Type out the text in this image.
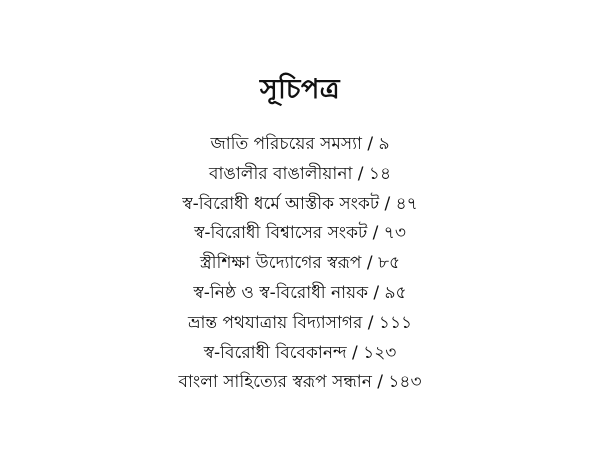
সূচিপত্র
জাতি পরিচয়ের সমস্যা / ৯
বাঙালীর বাঙালীয়ানা / ১৪
স্ব-বিরোধী ধর্মে আস্তীক সংকট / ৪৭
স্ব-বিরোধী বিশ্বাসের সংকট / ৭৩
স্ত্রীশিক্ষা উদ্যোগের স্বরূপ / ৮৫
স্ব-নিষ্ঠ ও স্ব-বিরোধী নায়ক / ৯৫
ভ্রান্ত পথযাত্রায় বিদ্যাসাগর / ১১১
স্ব-বিরোধী বিবেকানন্দ / ১২৩
বাংলা সাহিত্যের স্বরূপ সন্ধান / ১৪৩
